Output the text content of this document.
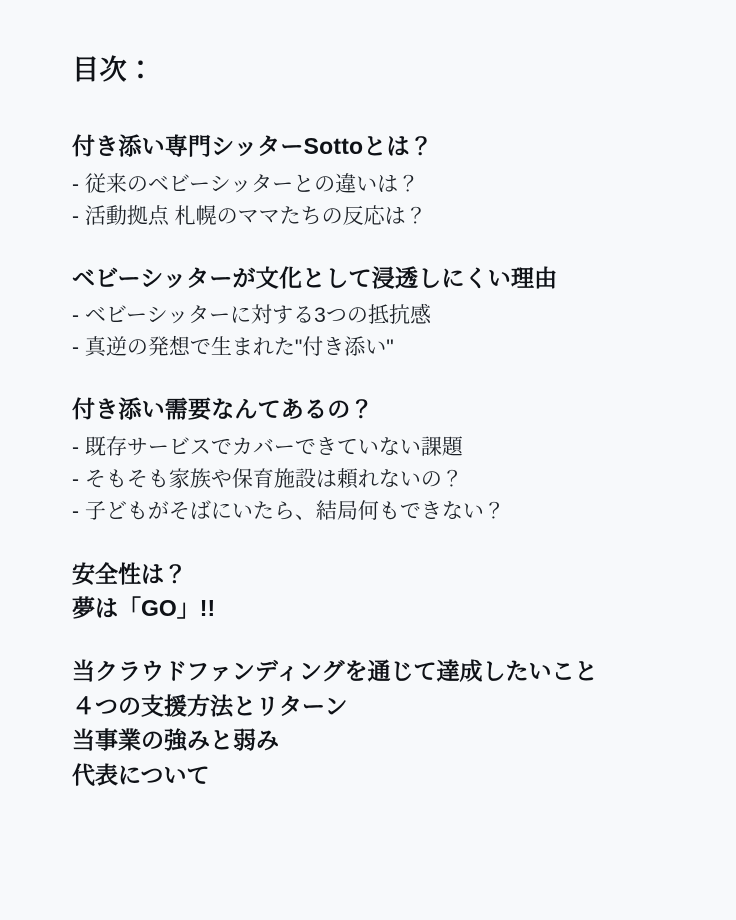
目次：

付き添い専門シッターSottoとは？

- 従来のベビーシッターとの違いは？

- 活動拠点 札幌のママたちの反応は？

ベビーシッターが文化として浸透しにくい理由

- ベビーシッターに対する3つの抵抗感

- 真逆の発想で生まれた"付き添い"

付き添い需要なんてあるの？

- 既存サービスでカバーできていない課題

- そもそも家族や保育施設は頼れないの？

- 子どもがそばにいたら、結局何もできない？

安全性は？

夢は「GO」!!

当クラウドファンディングを通じて達成したいこと

４つの支援方法とリターン

当事業の強みと弱み

代表について
